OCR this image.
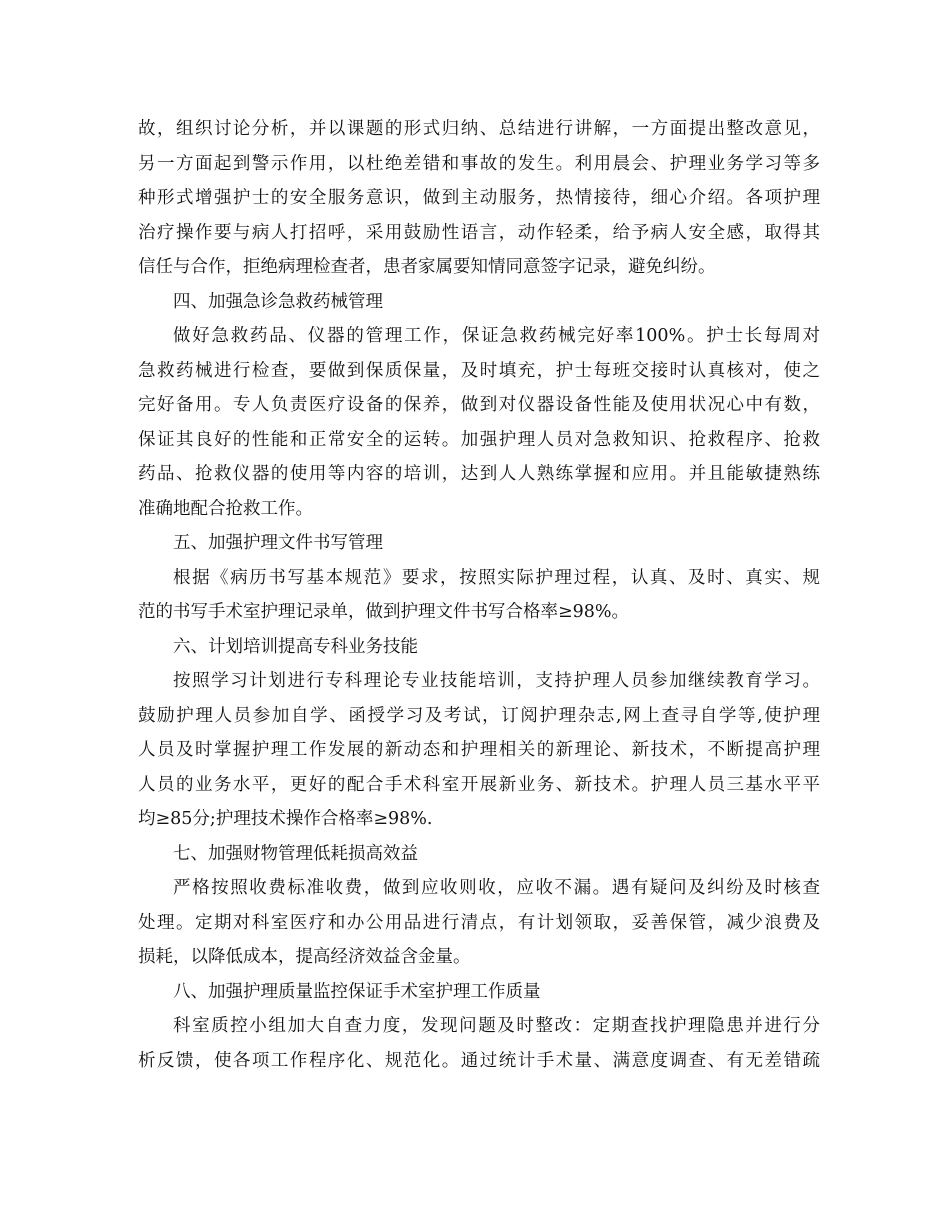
故，组织讨论分析，并以课题的形式归纳、总结进行讲解，一方面提出整改意见，
另一方面起到警示作用，以杜绝差错和事故的发生。利用晨会、护理业务学习等多
种形式增强护士的安全服务意识，做到主动服务，热情接待，细心介绍。各项护理
治疗操作要与病人打招呼，采用鼓励性语言，动作轻柔，给予病人安全感，取得其
信任与合作，拒绝病理检查者，患者家属要知情同意签字记录，避免纠纷。
四、加强急诊急救药械管理
做好急救药品、仪器的管理工作，保证急救药械完好率100%。护士长每周对
急救药械进行检查，要做到保质保量，及时填充，护士每班交接时认真核对，使之
完好备用。专人负责医疗设备的保养，做到对仪器设备性能及使用状况心中有数，
保证其良好的性能和正常安全的运转。加强护理人员对急救知识、抢救程序、抢救
药品、抢救仪器的使用等内容的培训，达到人人熟练掌握和应用。并且能敏捷熟练
准确地配合抢救工作。
五、加强护理文件书写管理
根据《病历书写基本规范》要求，按照实际护理过程，认真、及时、真实、规
范的书写手术室护理记录单，做到护理文件书写合格率≥98%。
六、计划培训提高专科业务技能
按照学习计划进行专科理论专业技能培训，支持护理人员参加继续教育学习。
鼓励护理人员参加自学、函授学习及考试，订阅护理杂志,网上查寻自学等,使护理
人员及时掌握护理工作发展的新动态和护理相关的新理论、新技术，不断提高护理
人员的业务水平，更好的配合手术科室开展新业务、新技术。护理人员三基水平平
均≥85分;护理技术操作合格率≥98%.
七、加强财物管理低耗损高效益
严格按照收费标准收费，做到应收则收，应收不漏。遇有疑问及纠纷及时核查
处理。定期对科室医疗和办公用品进行清点，有计划领取，妥善保管，减少浪费及
损耗，以降低成本，提高经济效益含金量。
八、加强护理质量监控保证手术室护理工作质量
科室质控小组加大自查力度，发现问题及时整改：定期查找护理隐患并进行分
析反馈，使各项工作程序化、规范化。通过统计手术量、满意度调查、有无差错疏
